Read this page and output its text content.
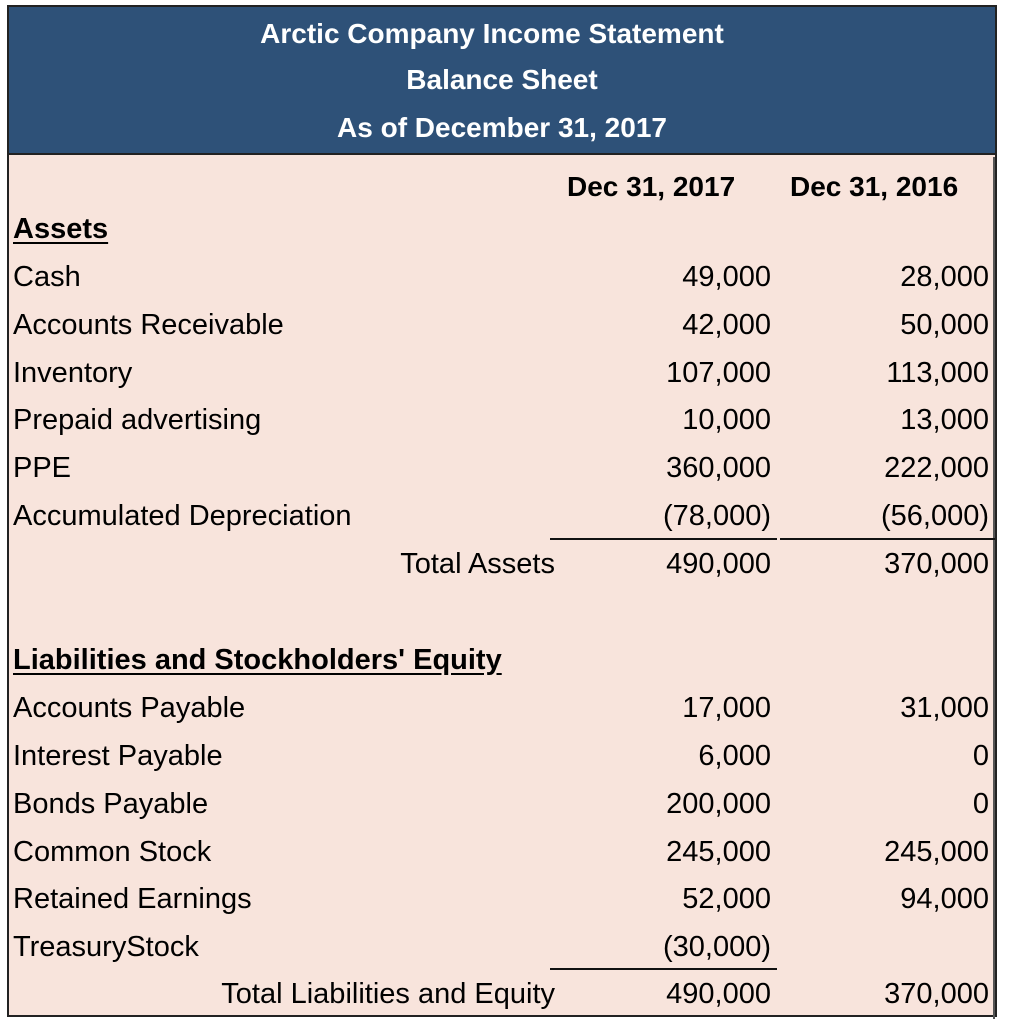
Arctic Company Income Statement
Balance Sheet
As of December 31, 2017
Dec 31, 2017 Dec 31, 2016
Assets
Cash	49,000	28,000
Accounts Receivable	42,000	50,000
Inventory	107,000	113,000
Prepaid advertising	10,000	13,000
PPE	360,000	222,000
Accumulated Depreciation	(78,000)	(56,000)
Total Assets	490,000	370,000
Liabilities and Stockholders' Equity
Accounts Payable	17,000	31,000
Interest Payable	6,000	0
Bonds Payable	200,000	0
Common Stock	245,000	245,000
Retained Earnings	52,000	94,000
TreasuryStock	(30,000)
Total Liabilities and Equity	490,000	370,000
